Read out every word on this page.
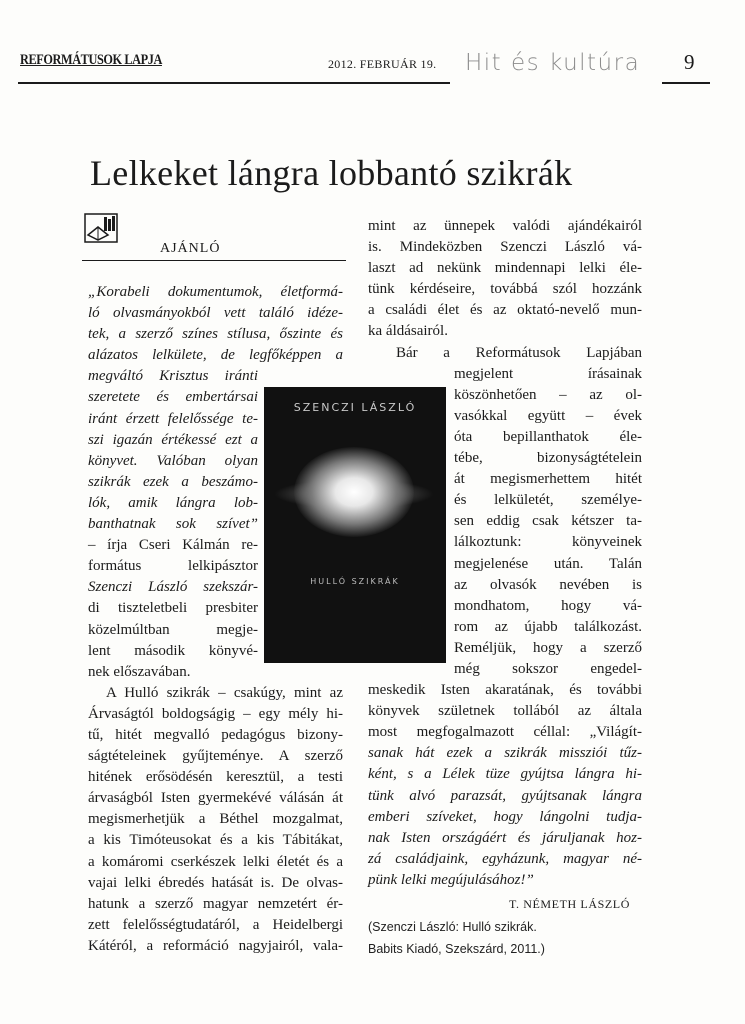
REFORMÁTUSOK LAPJA	2012. FEBRUÁR 19. Hit és kultúra 9
Lelkeket lángra lobbantó szikrák
AJÁNLÓ
SZENCZI LÁSZLÓ
HULLÓ SZIKRÁK

„Korabeli dokumentumok, életformá-
ló olvasmányokból vett találó idéze-
tek, a szerző színes stílusa, őszinte és
alázatos lelkülete, de legfőképpen a
megváltó Krisztus iránti
szeretete és embertársai
iránt érzett felelőssége te-
szi igazán értékessé ezt a
könyvet. Valóban olyan
szikrák ezek a beszámo-
lók, amik lángra lob-
banthatnak sok szívet”

– írja Cseri Kálmán re-
formátus lelkipásztor
Szenczi László szekszár-
di tiszteletbeli presbiter
közelmúltban megje-
lent második könyvé-
nek előszavában.

A Hulló szikrák – csakúgy, mint az
Árvaságtól boldogságig – egy mély hi-
tű, hitét megvalló pedagógus bizony-
ságtételeinek gyűjteménye. A szerző
hitének erősödésén keresztül, a testi
árvaságból Isten gyermekévé válásán át
megismerhetjük a Béthel mozgalmat,
a kis Timóteusokat és a kis Tábitákat,
a komáromi cserkészek lelki életét és a
vajai lelki ébredés hatását is. De olvas-
hatunk a szerző magyar nemzetért ér-
zett felelősségtudatáról, a Heidelbergi
Kátéról, a reformáció nagyjairól, vala-

mint az ünnepek valódi ajándékairól
is. Mindeközben Szenczi László vá-
laszt ad nekünk mindennapi lelki éle-
tünk kérdéseire, továbbá szól hozzánk
a családi élet és az oktató-nevelő mun-
ka áldásairól.

Bár a Reformátusok Lapjában
megjelent írásainak
köszönhetően – az ol-
vasókkal együtt – évek
óta bepillanthatok éle-
tébe, bizonyságtételein
át megismerhettem hitét
és lelkületét, személye-
sen eddig csak kétszer ta-
lálkoztunk: könyveinek
megjelenése után. Talán
az olvasók nevében is
mondhatom, hogy vá-
rom az újabb találkozást.
Reméljük, hogy a szerző
még sokszor engedel-
meskedik Isten akaratának, és további
könyvek születnek tollából az általa
most megfogalmazott céllal: „Világít-
sanak hát ezek a szikrák missziói tűz-
ként, s a Lélek tüze gyújtsa lángra hi-
tünk alvó parazsát, gyújtsanak lángra
emberi szíveket, hogy lángolni tudja-
nak Isten országáért és járuljanak hoz-
zá családjaink, egyházunk, magyar né-
pünk lelki megújulásához!”

T. NÉMETH LÁSZLÓ
(Szenczi László: Hulló szikrák.
Babits Kiadó, Szekszárd, 2011.)
